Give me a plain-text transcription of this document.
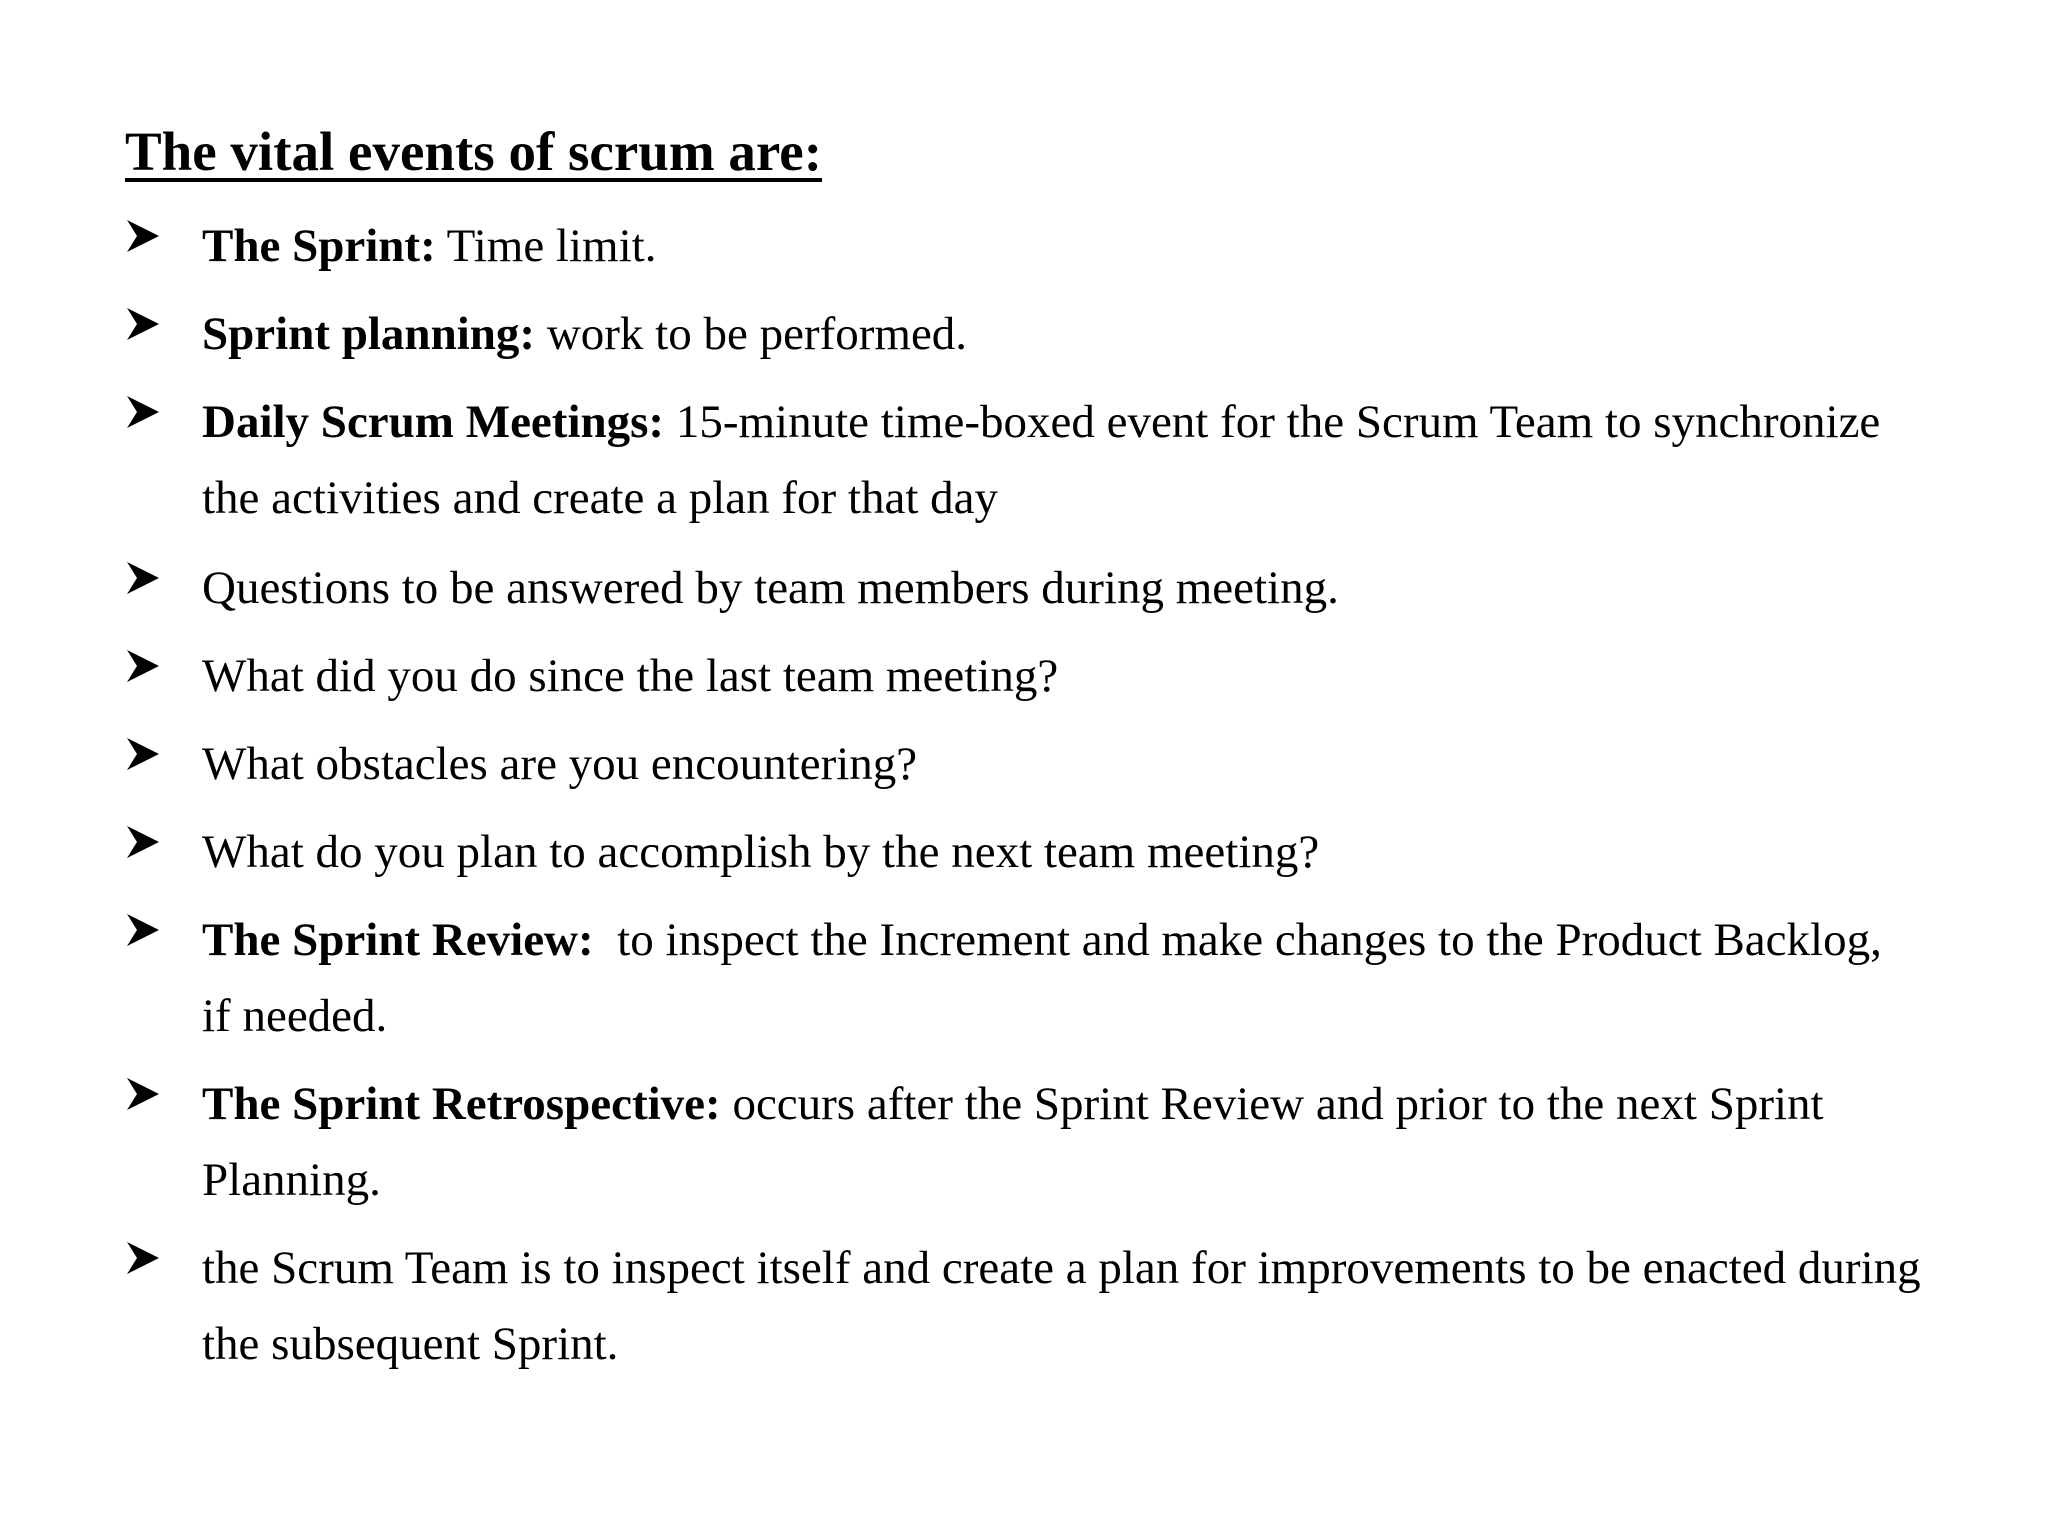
The vital events of scrum are:
The Sprint: Time limit.
Sprint planning: work to be performed.
Daily Scrum Meetings: 15-minute time-boxed event for the Scrum Team to synchronize the activities and create a plan for that day
Questions to be answered by team members during meeting.
What did you do since the last team meeting?
What obstacles are you encountering?
What do you plan to accomplish by the next team meeting?
The Sprint Review:  to inspect the Increment and make changes to the Product Backlog, if needed.
The Sprint Retrospective: occurs after the Sprint Review and prior to the next Sprint Planning.
the Scrum Team is to inspect itself and create a plan for improvements to be enacted during the subsequent Sprint.
